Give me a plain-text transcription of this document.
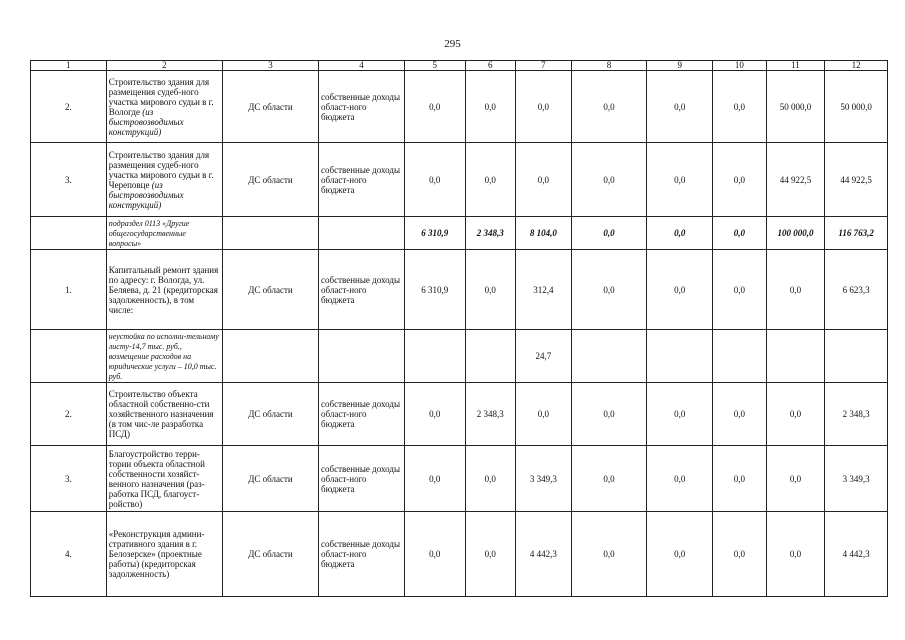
295
1	2	3	4	5	6	7	8	9	10	11	12
2.	Строительство здания для размещения судеб-ного участка мирового судьи в г. Вологде (из быстровозводимых конструкций)	ДС области	собственные доходы област-ного бюджета	0,0	0,0	0,0	0,0	0,0	0,0	50 000,0	50 000,0
3.	Строительство здания для размещения судеб-ного участка мирового судьи в г. Череповце (из быстровозводимых конструкций)	ДС области	собственные доходы област-ного бюджета	0,0	0,0	0,0	0,0	0,0	0,0	44 922,5	44 922,5
	подраздел 0113 «Другие общегосударственные вопросы»			6 310,9	2 348,3	8 104,0	0,0	0,0	0,0	100 000,0	116 763,2
1.	Капитальный ремонт здания по адресу: г. Вологда, ул. Беляева, д. 21 (кредиторская задолженность), в том числе:	ДС области	собственные доходы област-ного бюджета	6 310,9	0,0	312,4	0,0	0,0	0,0	0,0	6 623,3
	неустойка по исполни-тельному листу-14,7 тыс. руб., возмещение расходов на юридические услуги – 10,0 тыс. руб.					24,7					
2.	Строительство объекта областной собственно-сти хозяйственного назначения (в том чис-ле разработка ПСД)	ДС области	собственные доходы област-ного бюджета	0,0	2 348,3	0,0	0,0	0,0	0,0	0,0	2 348,3
3.	Благоустройство терри-тории объекта областной собственности хозяйст-венного назначения (раз-работка ПСД, благоуст-ройство)	ДС области	собственные доходы област-ного бюджета	0,0	0,0	3 349,3	0,0	0,0	0,0	0,0	3 349,3
4.	«Реконструкция админи-стративного здания в г. Белозерске» (проектные работы) (кредиторская задолженность)	ДС области	собственные доходы област-ного бюджета	0,0	0,0	4 442,3	0,0	0,0	0,0	0,0	4 442,3
